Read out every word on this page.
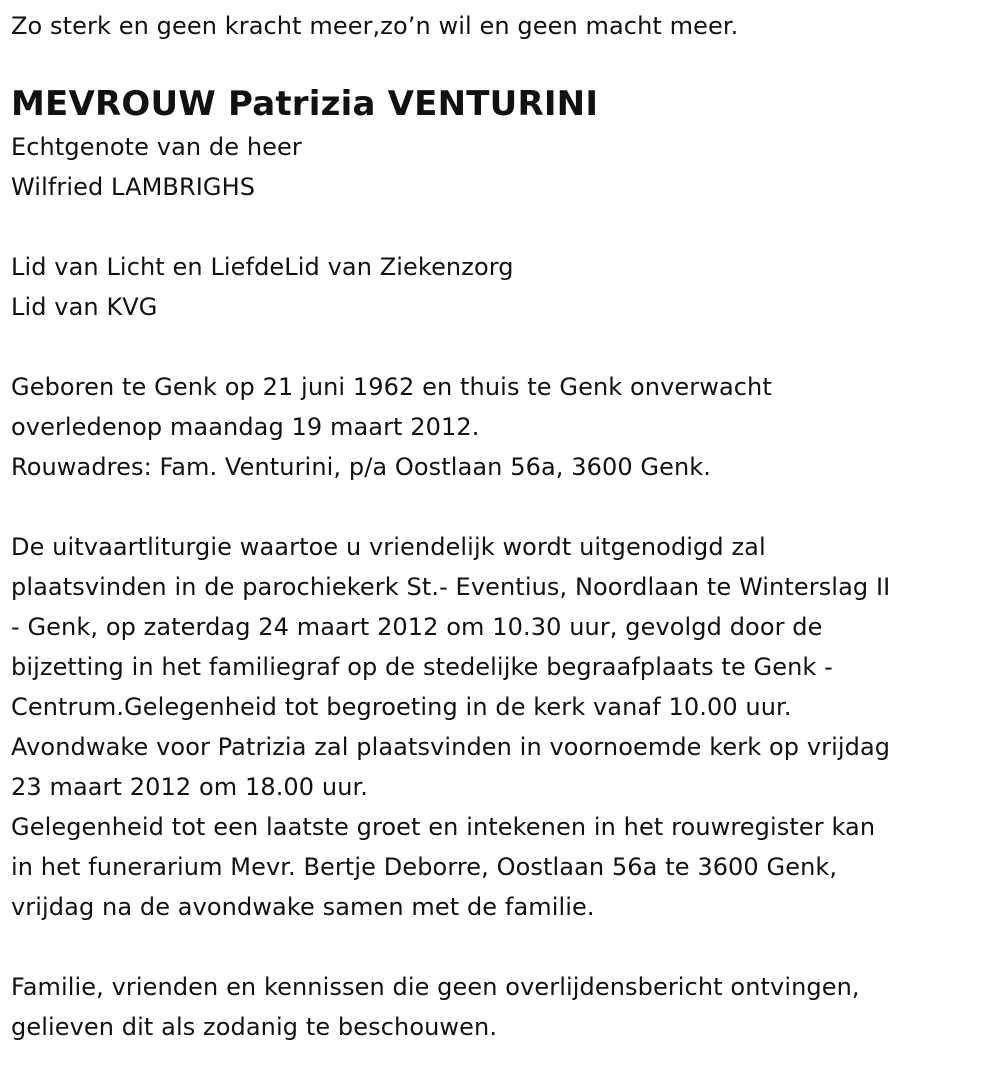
Zo sterk en geen kracht meer,zo’n wil en geen macht meer.
MEVROUW Patrizia VENTURINI
Echtgenote van de heer
Wilfried LAMBRIGHS
Lid van Licht en LiefdeLid van Ziekenzorg
Lid van KVG
Geboren te Genk op 21 juni 1962 en thuis te Genk onverwacht
overledenop maandag 19 maart 2012.
Rouwadres: Fam. Venturini, p/a Oostlaan 56a, 3600 Genk.
De uitvaartliturgie waartoe u vriendelijk wordt uitgenodigd zal
plaatsvinden in de parochiekerk St.- Eventius, Noordlaan te Winterslag II
- Genk, op zaterdag 24 maart 2012 om 10.30 uur, gevolgd door de
bijzetting in het familiegraf op de stedelijke begraafplaats te Genk -
Centrum.Gelegenheid tot begroeting in de kerk vanaf 10.00 uur.
Avondwake voor Patrizia zal plaatsvinden in voornoemde kerk op vrijdag
23 maart 2012 om 18.00 uur.
Gelegenheid tot een laatste groet en intekenen in het rouwregister kan
in het funerarium Mevr. Bertje Deborre, Oostlaan 56a te 3600 Genk,
vrijdag na de avondwake samen met de familie.
Familie, vrienden en kennissen die geen overlijdensbericht ontvingen,
gelieven dit als zodanig te beschouwen.
